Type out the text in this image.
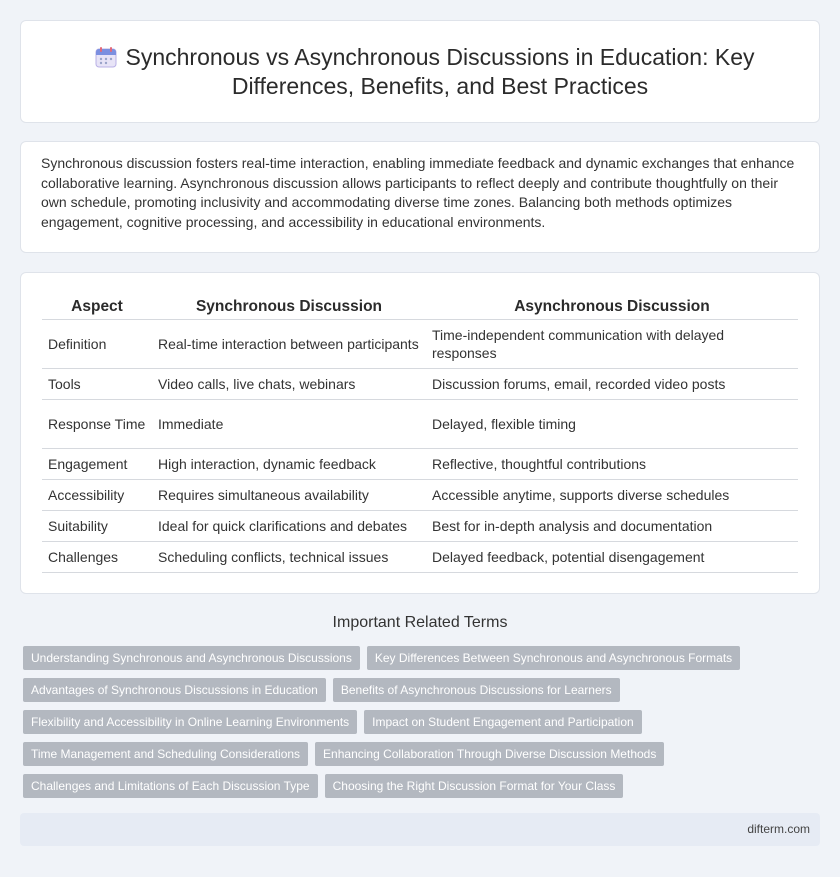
Synchronous vs Asynchronous Discussions in Education: Key Differences, Benefits, and Best Practices

Synchronous discussion fosters real-time interaction, enabling immediate feedback and dynamic exchanges that enhance collaborative learning. Asynchronous discussion allows participants to reflect deeply and contribute thoughtfully on their own schedule, promoting inclusivity and accommodating diverse time zones. Balancing both methods optimizes engagement, cognitive processing, and accessibility in educational environments.

Aspect	Synchronous Discussion	Asynchronous Discussion
Definition	Real-time interaction between participants	Time-independent communication with delayed responses
Tools	Video calls, live chats, webinars	Discussion forums, email, recorded video posts
Response Time	Immediate	Delayed, flexible timing
Engagement	High interaction, dynamic feedback	Reflective, thoughtful contributions
Accessibility	Requires simultaneous availability	Accessible anytime, supports diverse schedules
Suitability	Ideal for quick clarifications and debates	Best for in-depth analysis and documentation
Challenges	Scheduling conflicts, technical issues	Delayed feedback, potential disengagement
Important Related Terms
Understanding Synchronous and Asynchronous Discussions	Key Differences Between Synchronous and Asynchronous Formats
Advantages of Synchronous Discussions in Education	Benefits of Asynchronous Discussions for Learners
Flexibility and Accessibility in Online Learning Environments	Impact on Student Engagement and Participation
Time Management and Scheduling Considerations	Enhancing Collaboration Through Diverse Discussion Methods
Challenges and Limitations of Each Discussion Type	Choosing the Right Discussion Format for Your Class
difterm.com
